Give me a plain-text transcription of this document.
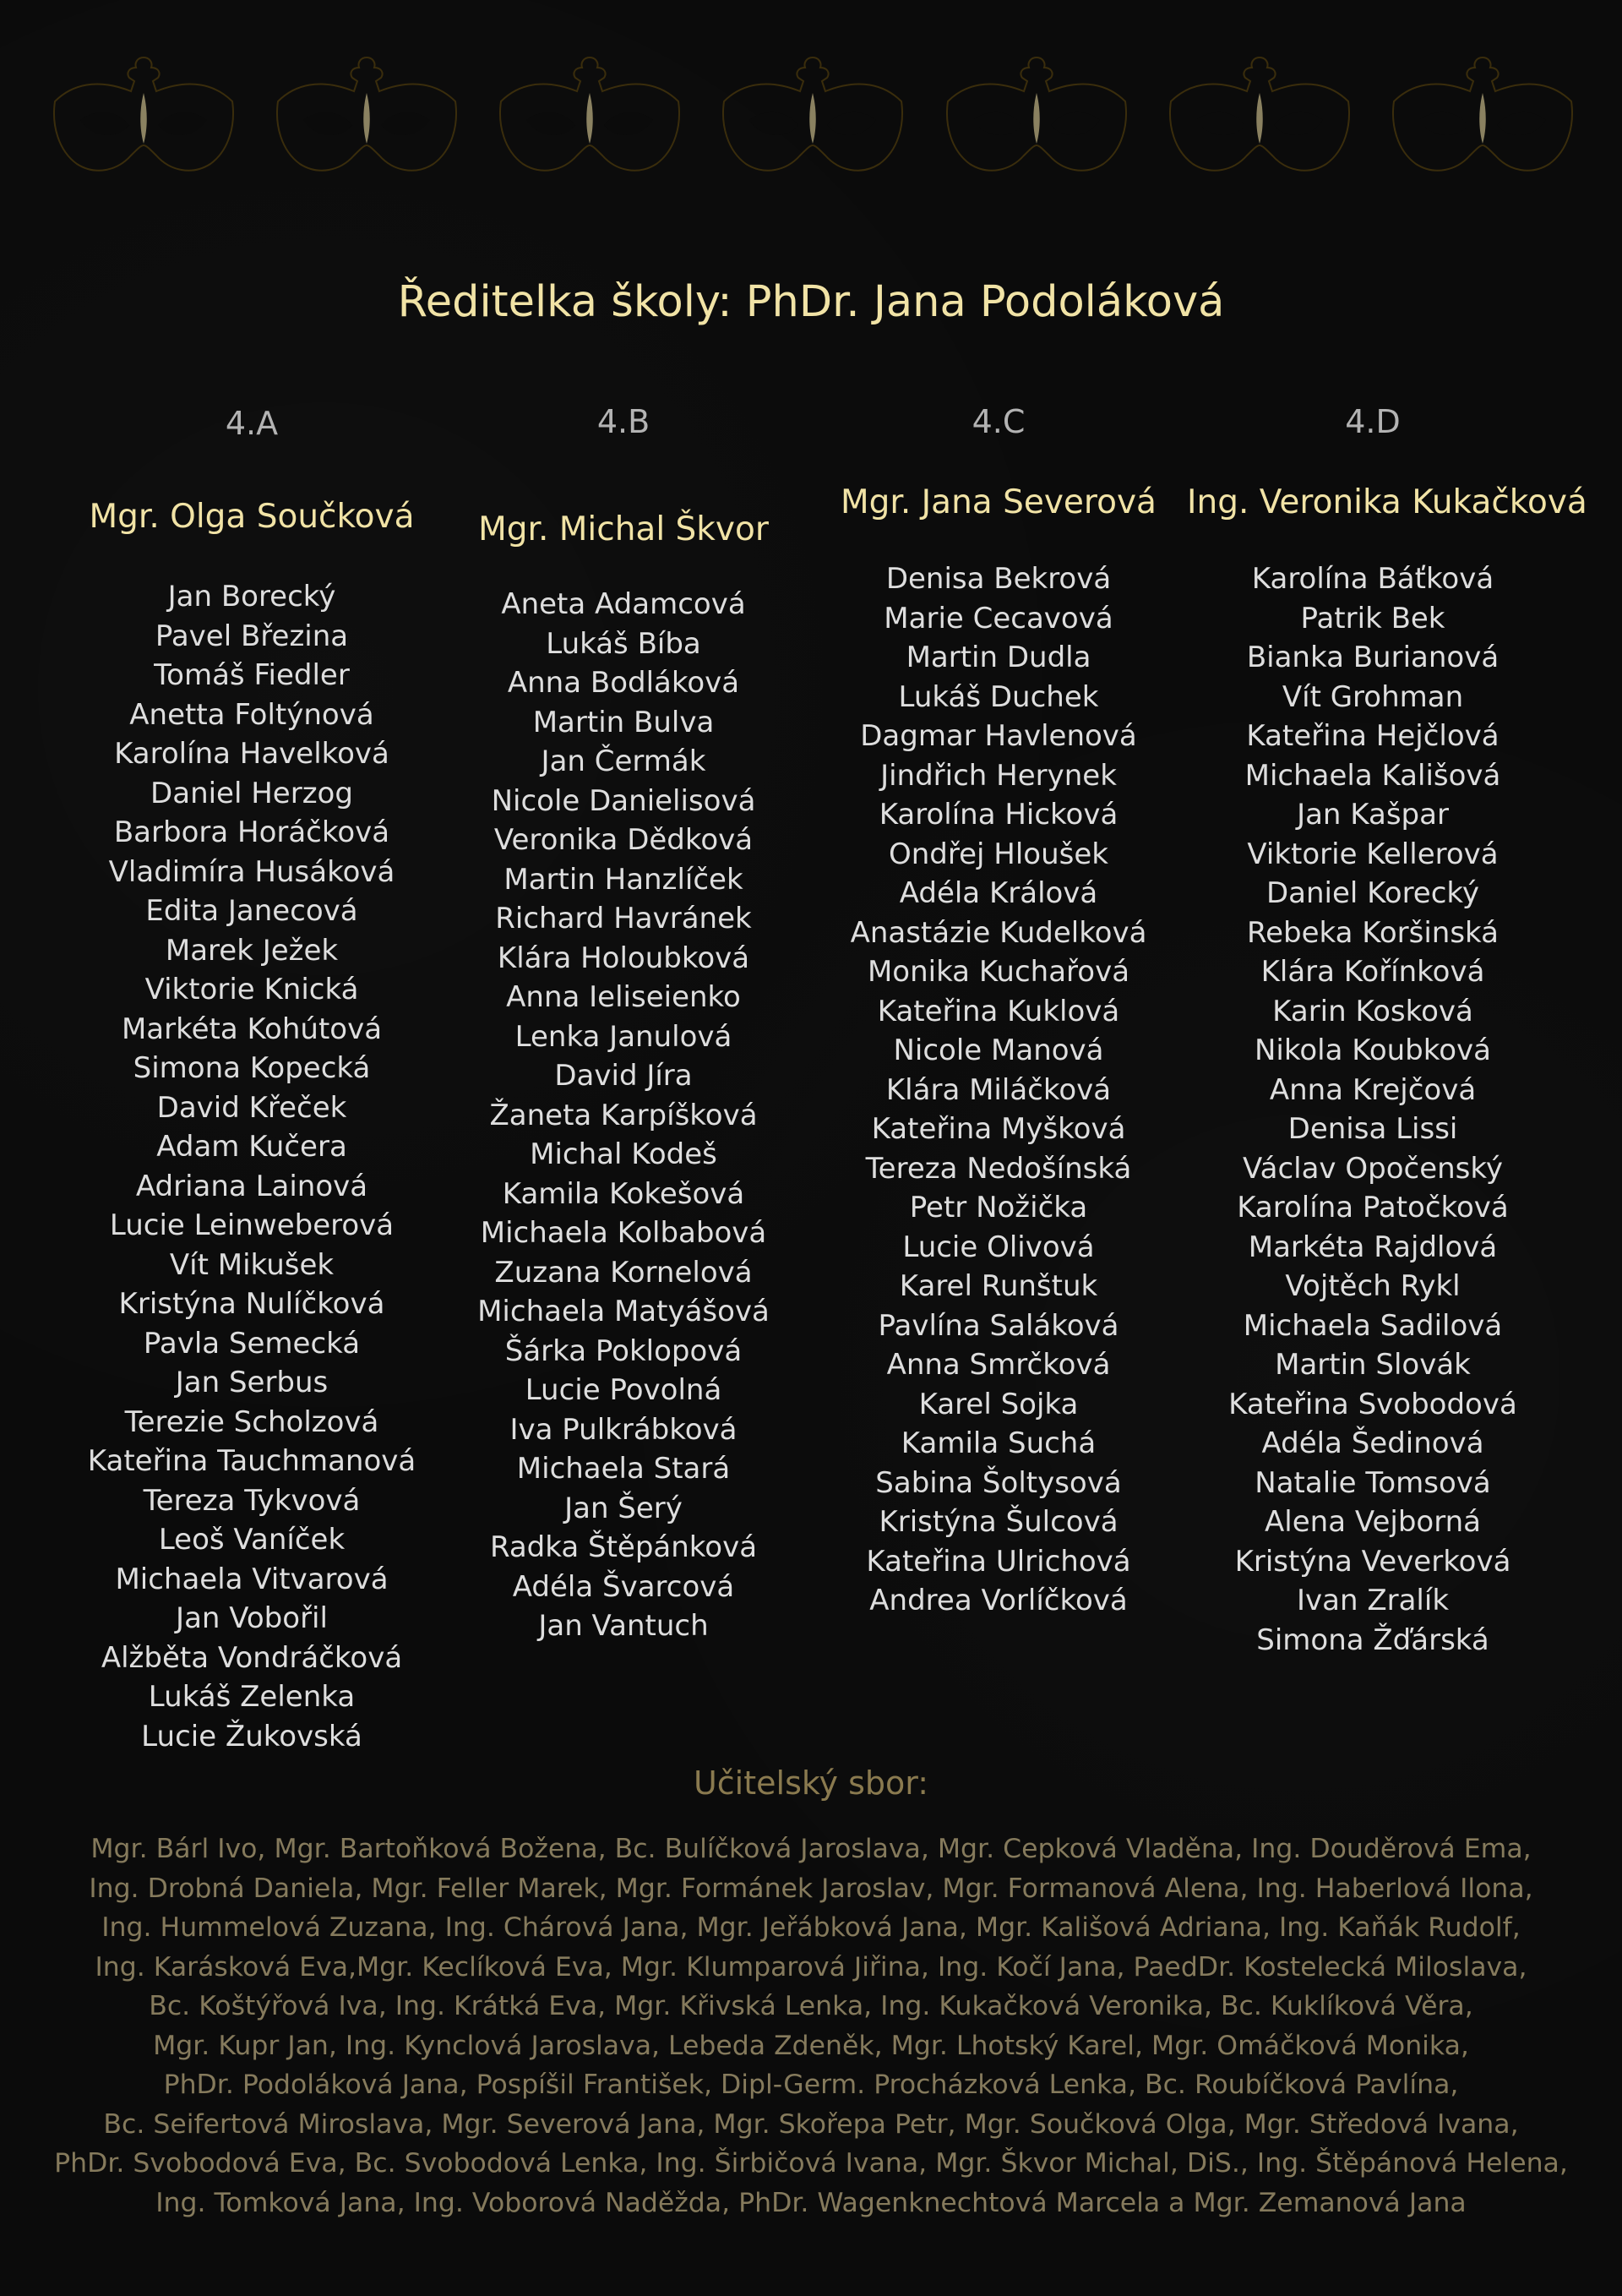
Ředitelka školy: PhDr. Jana Podoláková
4.A
Mgr. Olga Součková
Jan Borecký
Pavel Březina
Tomáš Fiedler
Anetta Foltýnová
Karolína Havelková
Daniel Herzog
Barbora Horáčková
Vladimíra Husáková
Edita Janecová
Marek Ježek
Viktorie Knická
Markéta Kohútová
Simona Kopecká
David Křeček
Adam Kučera
Adriana Lainová
Lucie Leinweberová
Vít Mikušek
Kristýna Nulíčková
Pavla Semecká
Jan Serbus
Terezie Scholzová
Kateřina Tauchmanová
Tereza Tykvová
Leoš Vaníček
Michaela Vitvarová
Jan Vobořil
Alžběta Vondráčková
Lukáš Zelenka
Lucie Žukovská
4.B
Mgr. Michal Škvor
Aneta Adamcová
Lukáš Bíba
Anna Bodláková
Martin Bulva
Jan Čermák
Nicole Danielisová
Veronika Dědková
Martin Hanzlíček
Richard Havránek
Klára Holoubková
Anna Ieliseienko
Lenka Janulová
David Jíra
Žaneta Karpíšková
Michal Kodeš
Kamila Kokešová
Michaela Kolbabová
Zuzana Kornelová
Michaela Matyášová
Šárka Poklopová
Lucie Povolná
Iva Pulkrábková
Michaela Stará
Jan Šerý
Radka Štěpánková
Adéla Švarcová
Jan Vantuch
4.C
Mgr. Jana Severová
Denisa Bekrová
Marie Cecavová
Martin Dudla
Lukáš Duchek
Dagmar Havlenová
Jindřich Herynek
Karolína Hicková
Ondřej Hloušek
Adéla Králová
Anastázie Kudelková
Monika Kuchařová
Kateřina Kuklová
Nicole Manová
Klára Miláčková
Kateřina Myšková
Tereza Nedošínská
Petr Nožička
Lucie Olivová
Karel Runštuk
Pavlína Saláková
Anna Smrčková
Karel Sojka
Kamila Suchá
Sabina Šoltysová
Kristýna Šulcová
Kateřina Ulrichová
Andrea Vorlíčková
4.D
Ing. Veronika Kukačková
Karolína Báťková
Patrik Bek
Bianka Burianová
Vít Grohman
Kateřina Hejčlová
Michaela Kališová
Jan Kašpar
Viktorie Kellerová
Daniel Korecký
Rebeka Koršinská
Klára Kořínková
Karin Kosková
Nikola Koubková
Anna Krejčová
Denisa Lissi
Václav Opočenský
Karolína Patočková
Markéta Rajdlová
Vojtěch Rykl
Michaela Sadilová
Martin Slovák
Kateřina Svobodová
Adéla Šedinová
Natalie Tomsová
Alena Vejborná
Kristýna Veverková
Ivan Zralík
Simona Žďárská
Učitelský sbor:
Mgr. Bárl Ivo, Mgr. Bartoňková Božena, Bc. Bulíčková Jaroslava, Mgr. Cepková Vladěna, Ing. Douděrová Ema,
Ing. Drobná Daniela, Mgr. Feller Marek, Mgr. Formánek Jaroslav, Mgr. Formanová Alena, Ing. Haberlová Ilona,
Ing. Hummelová Zuzana, Ing. Chárová Jana, Mgr. Jeřábková Jana, Mgr. Kališová Adriana, Ing. Kaňák Rudolf,
Ing. Karásková Eva,Mgr. Keclíková Eva, Mgr. Klumparová Jiřina, Ing. Kočí Jana, PaedDr. Kostelecká Miloslava,
Bc. Koštýřová Iva, Ing. Krátká Eva, Mgr. Křivská Lenka, Ing. Kukačková Veronika, Bc. Kuklíková Věra,
Mgr. Kupr Jan, Ing. Kynclová Jaroslava, Lebeda Zdeněk, Mgr. Lhotský Karel, Mgr. Omáčková Monika,
PhDr. Podoláková Jana, Pospíšil František, Dipl-Germ. Procházková Lenka, Bc. Roubíčková Pavlína,
Bc. Seifertová Miroslava, Mgr. Severová Jana, Mgr. Skořepa Petr, Mgr. Součková Olga, Mgr. Středová Ivana,
PhDr. Svobodová Eva, Bc. Svobodová Lenka, Ing. Širbičová Ivana, Mgr. Škvor Michal, DiS., Ing. Štěpánová Helena,
Ing. Tomková Jana, Ing. Voborová Naděžda, PhDr. Wagenknechtová Marcela a Mgr. Zemanová Jana
